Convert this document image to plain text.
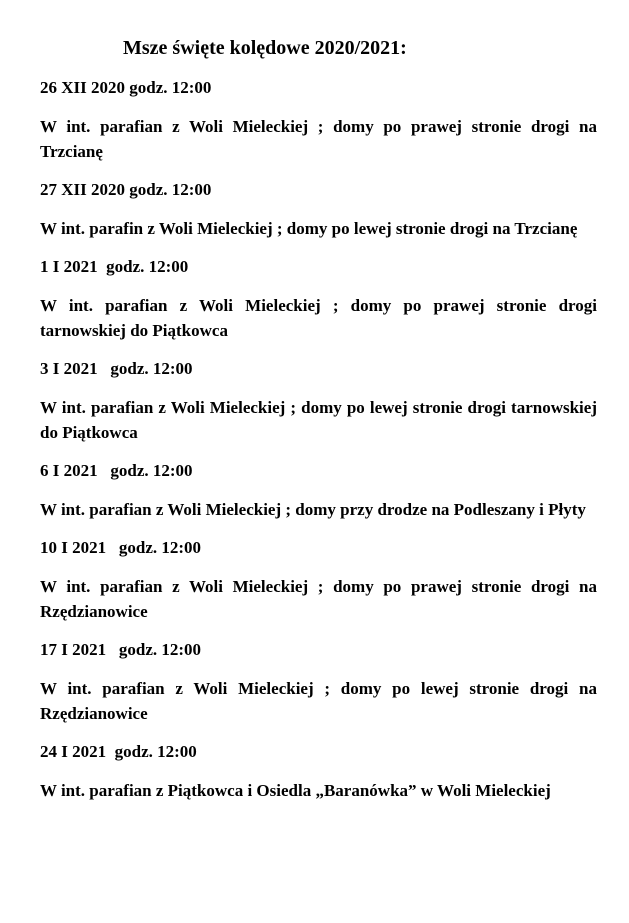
Msze święte kolędowe 2020/2021:
26 XII 2020 godz. 12:00
W int. parafian z Woli Mieleckiej ; domy po prawej stronie drogi na Trzcianę
27 XII 2020 godz. 12:00
W int. parafin z Woli Mieleckiej ; domy po lewej stronie drogi na Trzcianę
1 I 2021  godz. 12:00
W int. parafian z Woli Mieleckiej ; domy po prawej stronie drogi tarnowskiej do Piątkowca
3 I 2021   godz. 12:00
W int. parafian z Woli Mieleckiej ; domy po lewej stronie drogi tarnowskiej do Piątkowca
6 I 2021   godz. 12:00
W int. parafian z Woli Mieleckiej ; domy przy drodze na Podleszany i Płyty
10 I 2021   godz. 12:00
W int. parafian z Woli Mieleckiej ; domy po prawej stronie drogi na Rzędzianowice
17 I 2021   godz. 12:00
W int. parafian z Woli Mieleckiej ; domy po lewej stronie drogi na Rzędzianowice
24 I 2021  godz. 12:00
W int. parafian z Piątkowca i Osiedla „Baranówka” w Woli Mieleckiej
